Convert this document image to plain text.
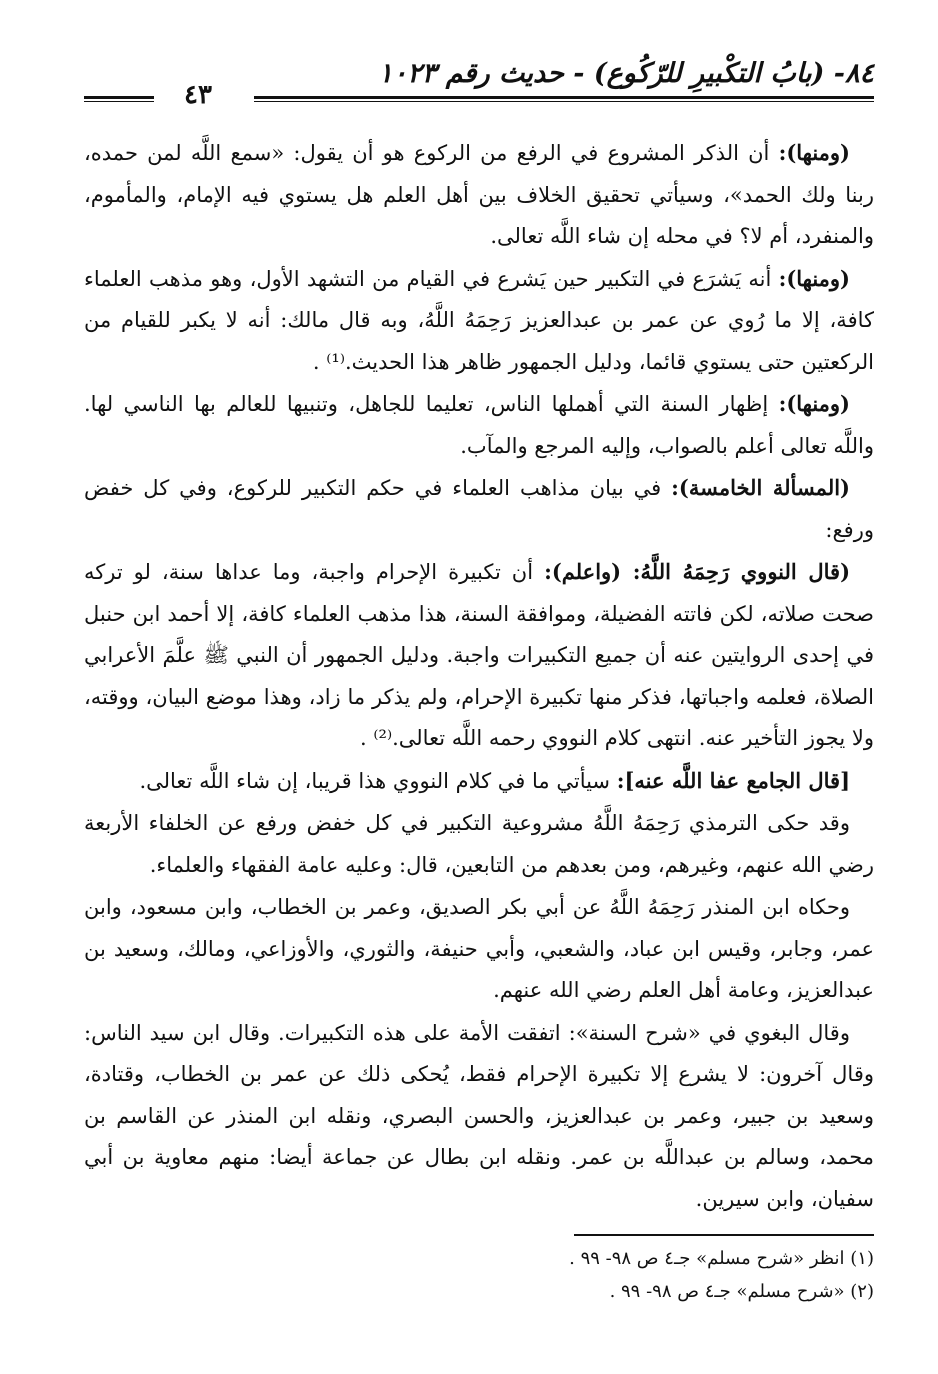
٨٤- (بابُ التكْبيرِ للرّكُوع) - حديث رقم ١٠٢٣
٤٣

(ومنها): أن الذكر المشروع في الرفع من الركوع هو أن يقول: «سمع اللَّه لمن حمده، ربنا ولك الحمد»، وسيأتي تحقيق الخلاف بين أهل العلم هل يستوي فيه الإمام، والمأموم، والمنفرد، أم لا؟ في محله إن شاء اللَّه تعالى.

(ومنها): أنه يَشرَع في التكبير حين يَشرع في القيام من التشهد الأول، وهو مذهب العلماء كافة، إلا ما رُوي عن عمر بن عبدالعزيز رَحِمَهُ اللَّهُ، وبه قال مالك: أنه لا يكبر للقيام من الركعتين حتى يستوي قائما، ودليل الجمهور ظاهر هذا الحديث.⁽¹⁾ .

(ومنها): إظهار السنة التي أهملها الناس، تعليما للجاهل، وتنبيها للعالم بها الناسي لها. واللَّه تعالى أعلم بالصواب، وإليه المرجع والمآب.

(المسألة الخامسة): في بيان مذاهب العلماء في حكم التكبير للركوع، وفي كل خفض ورفع:

(قال النووي رَحِمَهُ اللَّهُ: (واعلم): أن تكبيرة الإحرام واجبة، وما عداها سنة، لو تركه صحت صلاته، لكن فاتته الفضيلة، وموافقة السنة، هذا مذهب العلماء كافة، إلا أحمد ابن حنبل في إحدى الروايتين عنه أن جميع التكبيرات واجبة. ودليل الجمهور أن النبي ﷺ علَّمَ الأعرابي الصلاة، فعلمه واجباتها، فذكر منها تكبيرة الإحرام، ولم يذكر ما زاد، وهذا موضع البيان، ووقته، ولا يجوز التأخير عنه. انتهى كلام النووي رحمه اللَّه تعالى.⁽²⁾ .

[قال الجامع عفا اللَّه عنه]: سيأتي ما في كلام النووي هذا قريبا، إن شاء اللَّه تعالى.

وقد حكى الترمذي رَحِمَهُ اللَّهُ مشروعية التكبير في كل خفض ورفع عن الخلفاء الأربعة رضي الله عنهم، وغيرهم، ومن بعدهم من التابعين، قال: وعليه عامة الفقهاء والعلماء.

وحكاه ابن المنذر رَحِمَهُ اللَّهُ عن أبي بكر الصديق، وعمر بن الخطاب، وابن مسعود، وابن عمر، وجابر، وقيس ابن عباد، والشعبي، وأبي حنيفة، والثوري، والأوزاعي، ومالك، وسعيد بن عبدالعزيز، وعامة أهل العلم رضي الله عنهم.

وقال البغوي في «شرح السنة»: اتفقت الأمة على هذه التكبيرات. وقال ابن سيد الناس: وقال آخرون: لا يشرع إلا تكبيرة الإحرام فقط، يُحكى ذلك عن عمر بن الخطاب، وقتادة، وسعيد بن جبير، وعمر بن عبدالعزيز، والحسن البصري، ونقله ابن المنذر عن القاسم بن محمد، وسالم بن عبداللَّه بن عمر. ونقله ابن بطال عن جماعة أيضا: منهم معاوية بن أبي سفيان، وابن سيرين.

(١) انظر «شرح مسلم» جـ٤ ص ٩٨- ٩٩ .
(٢) «شرح مسلم» جـ٤ ص ٩٨- ٩٩ .
